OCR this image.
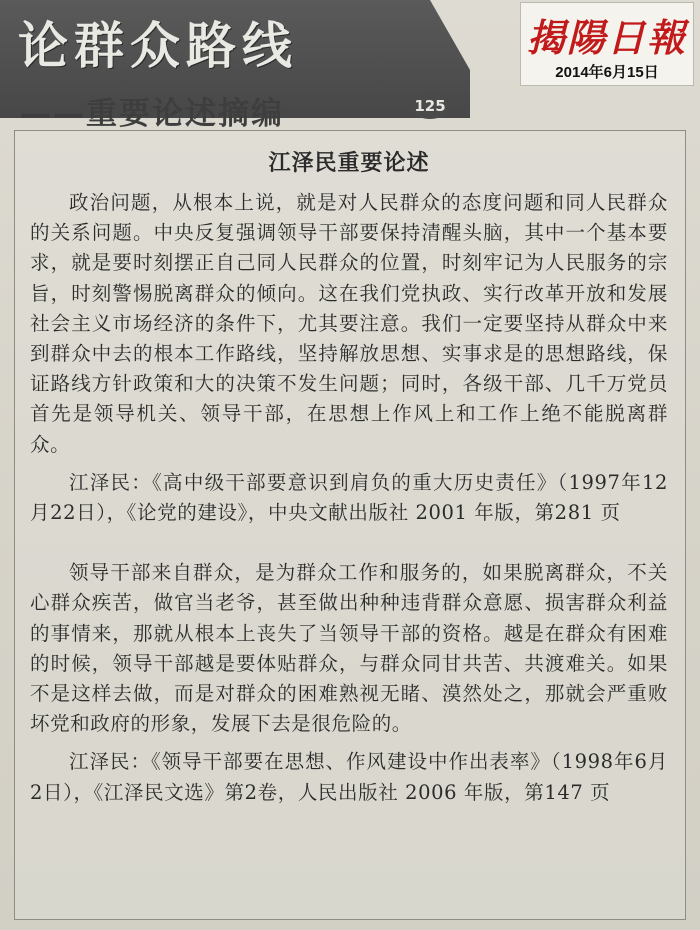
论群众路线
——重要论述摘编	125
揭陽日報
2014年6月15日
江泽民重要论述

政治问题，从根本上说，就是对人民群众的态度问题和同人民群众的关系问题。中央反复强调领导干部要保持清醒头脑，其中一个基本要求，就是要时刻摆正自己同人民群众的位置，时刻牢记为人民服务的宗旨，时刻警惕脱离群众的倾向。这在我们党执政、实行改革开放和发展社会主义市场经济的条件下，尤其要注意。我们一定要坚持从群众中来到群众中去的根本工作路线，坚持解放思想、实事求是的思想路线，保证路线方针政策和大的决策不发生问题；同时，各级干部、几千万党员首先是领导机关、领导干部，在思想上作风上和工作上绝不能脱离群众。

江泽民：《高中级干部要意识到肩负的重大历史责任》（1997年12月22日），《论党的建设》，中央文献出版社 2001 年版，第281 页

领导干部来自群众，是为群众工作和服务的，如果脱离群众，不关心群众疾苦，做官当老爷，甚至做出种种违背群众意愿、损害群众利益的事情来，那就从根本上丧失了当领导干部的资格。越是在群众有困难的时候，领导干部越是要体贴群众，与群众同甘共苦、共渡难关。如果不是这样去做，而是对群众的困难熟视无睹、漠然处之，那就会严重败坏党和政府的形象，发展下去是很危险的。

江泽民：《领导干部要在思想、作风建设中作出表率》（1998年6月2日），《江泽民文选》第2卷，人民出版社 2006 年版，第147 页
